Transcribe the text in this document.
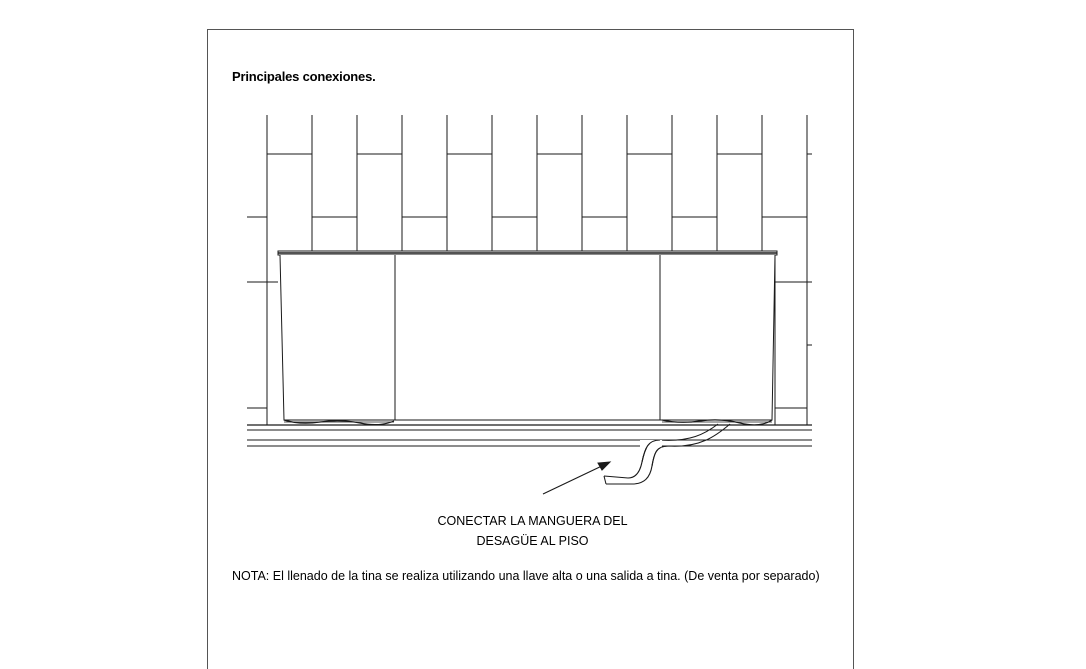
Principales conexiones.
CONECTAR LA MANGUERA DEL
DESAGÜE AL PISO
NOTA: El llenado de la tina se realiza utilizando una llave alta o una salida a tina. (De venta por separado)
